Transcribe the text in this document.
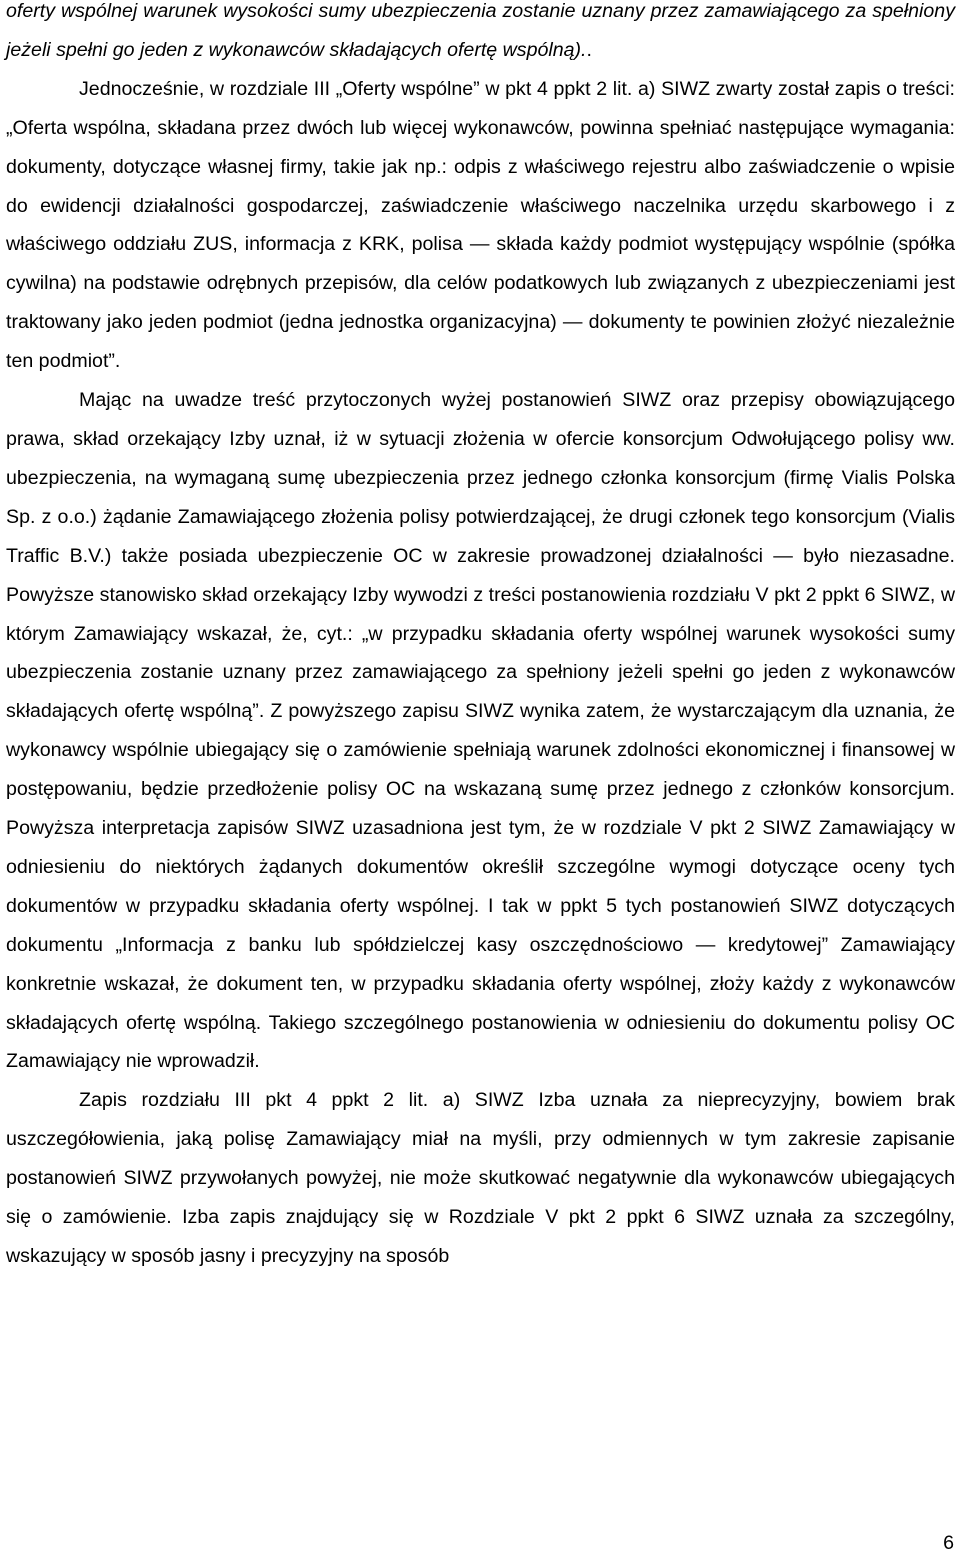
oferty wspólnej warunek wysokości sumy ubezpieczenia zostanie uznany przez zamawiającego za spełniony jeżeli spełni go jeden z wykonawców składających ofertę wspólną)..

Jednocześnie, w rozdziale III „Oferty wspólne” w pkt 4 ppkt 2 lit. a) SIWZ zwarty został zapis o treści: „Oferta wspólna, składana przez dwóch lub więcej wykonawców, powinna spełniać następujące wymagania: dokumenty, dotyczące własnej firmy, takie jak np.: odpis z właściwego rejestru albo zaświadczenie o wpisie do ewidencji działalności gospodarczej, zaświadczenie właściwego naczelnika urzędu skarbowego i z właściwego oddziału ZUS, informacja z KRK, polisa — składa każdy podmiot występujący wspólnie (spółka cywilna) na podstawie odrębnych przepisów, dla celów podatkowych lub związanych z ubezpieczeniami jest traktowany jako jeden podmiot (jedna jednostka organizacyjna) — dokumenty te powinien złożyć niezależnie ten podmiot”.

Mając na uwadze treść przytoczonych wyżej postanowień SIWZ oraz przepisy obowiązującego prawa, skład orzekający Izby uznał, iż w sytuacji złożenia w ofercie konsorcjum Odwołującego polisy ww. ubezpieczenia, na wymaganą sumę ubezpieczenia przez jednego członka konsorcjum (firmę Vialis Polska Sp. z o.o.) żądanie Zamawiającego złożenia polisy potwierdzającej, że drugi członek tego konsorcjum (Vialis Traffic B.V.) także posiada ubezpieczenie OC w zakresie prowadzonej działalności — było niezasadne. Powyższe stanowisko skład orzekający Izby wywodzi z treści postanowienia rozdziału V pkt 2 ppkt 6 SIWZ, w którym Zamawiający wskazał, że, cyt.: „w przypadku składania oferty wspólnej warunek wysokości sumy ubezpieczenia zostanie uznany przez zamawiającego za spełniony jeżeli spełni go jeden z wykonawców składających ofertę wspólną”. Z powyższego zapisu SIWZ wynika zatem, że wystarczającym dla uznania, że wykonawcy wspólnie ubiegający się o zamówienie spełniają warunek zdolności ekonomicznej i finansowej w postępowaniu, będzie przedłożenie polisy OC na wskazaną sumę przez jednego z członków konsorcjum. Powyższa interpretacja zapisów SIWZ uzasadniona jest tym, że w rozdziale V pkt 2 SIWZ Zamawiający w odniesieniu do niektórych żądanych dokumentów określił szczególne wymogi dotyczące oceny tych dokumentów w przypadku składania oferty wspólnej. I tak w ppkt 5 tych postanowień SIWZ dotyczących dokumentu „Informacja z banku lub spółdzielczej kasy oszczędnościowo — kredytowej” Zamawiający konkretnie wskazał, że dokument ten, w przypadku składania oferty wspólnej, złoży każdy z wykonawców składających ofertę wspólną. Takiego szczególnego postanowienia w odniesieniu do dokumentu polisy OC Zamawiający nie wprowadził.

Zapis rozdziału III pkt 4 ppkt 2 lit. a) SIWZ Izba uznała za nieprecyzyjny, bowiem brak uszczegółowienia, jaką polisę Zamawiający miał na myśli, przy odmiennych w tym zakresie zapisanie postanowień SIWZ przywołanych powyżej, nie może skutkować negatywnie dla wykonawców ubiegających się o zamówienie. Izba zapis znajdujący się w Rozdziale V pkt 2 ppkt 6 SIWZ uznała za szczególny, wskazujący w sposób jasny i precyzyjny na sposób

6
